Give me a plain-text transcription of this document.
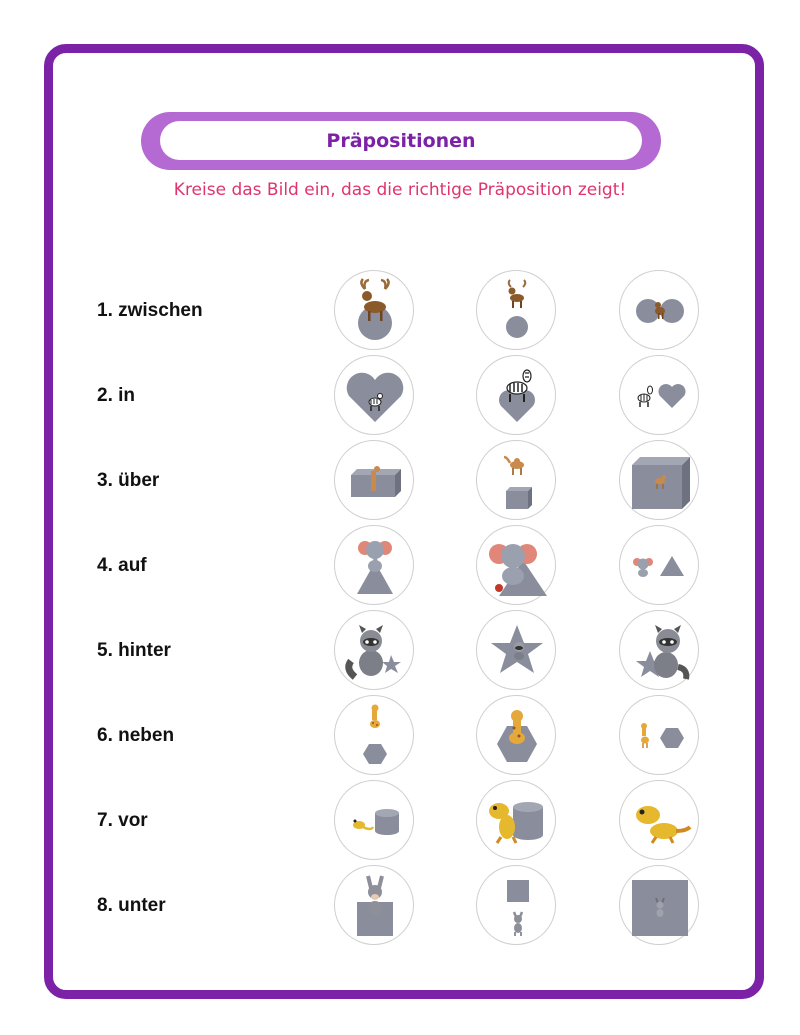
Präpositionen
Kreise das Bild ein, das die richtige Präposition zeigt!
1. zwischen
2. in
3. über
4. auf
5. hinter
6. neben
7. vor
8. unter
